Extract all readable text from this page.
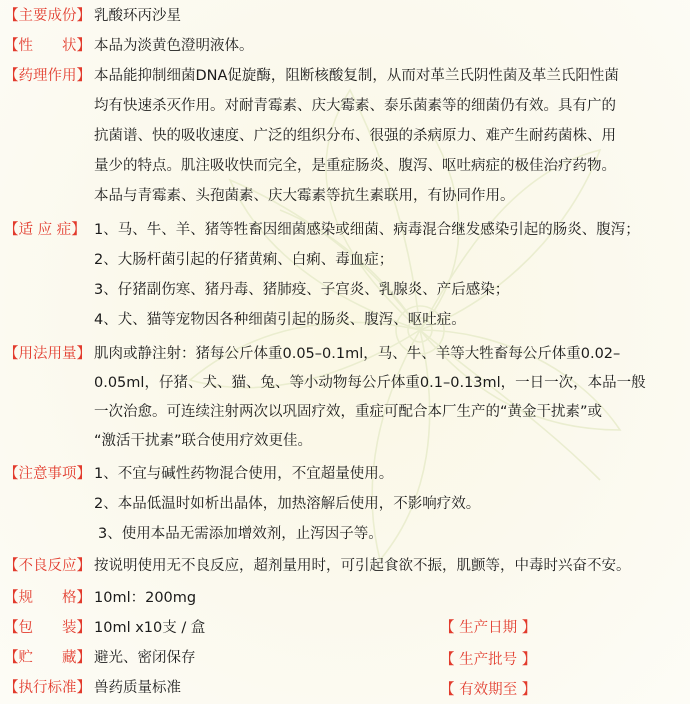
【主要成份】 乳酸环丙沙星
【性　　状】 本品为淡黄色澄明液体。
【药理作用】 本品能抑制细菌DNA促旋酶，阻断核酸复制，从而对革兰氏阴性菌及革兰氏阳性菌
均有快速杀灭作用。对耐青霉素、庆大霉素、泰乐菌素等的细菌仍有效。具有广的
抗菌谱、快的吸收速度、广泛的组织分布、很强的杀病原力、难产生耐药菌株、用
量少的特点。肌注吸收快而完全，是重症肠炎、腹泻、呕吐病症的极佳治疗药物。
本品与青霉素、头孢菌素、庆大霉素等抗生素联用，有协同作用。
【适 应 症】 1、马、牛、羊、猪等牲畜因细菌感染或细菌、病毒混合继发感染引起的肠炎、腹泻；
2、大肠杆菌引起的仔猪黄痢、白痢、毒血症；
3、仔猪副伤寒、猪丹毒、猪肺疫、子宫炎、乳腺炎、产后感染；
4、犬、猫等宠物因各种细菌引起的肠炎、腹泻、呕吐症。
【用法用量】 肌肉或静注射：猪每公斤体重0.05–0.1ml，马、牛、羊等大牲畜每公斤体重0.02–
0.05ml，仔猪、犬、猫、兔、等小动物每公斤体重0.1–0.13ml，一日一次，本品一般
一次治愈。可连续注射两次以巩固疗效，重症可配合本厂生产的“黄金干扰素”或
“激活干扰素”联合使用疗效更佳。
【注意事项】 1、不宜与碱性药物混合使用，不宜超量使用。
2、本品低温时如析出晶体，加热溶解后使用，不影响疗效。
3、使用本品无需添加增效剂，止泻因子等。
【不良反应】 按说明使用无不良反应，超剂量用时，可引起食欲不振，肌颤等，中毒时兴奋不安。
【规　　格】 10ml：200mg
【包　　装】 10ml x10支 / 盒
【贮　　藏】 避光、密闭保存
【执行标准】 兽药质量标准
【 生产日期 】
【 生产批号 】
【 有效期至 】
